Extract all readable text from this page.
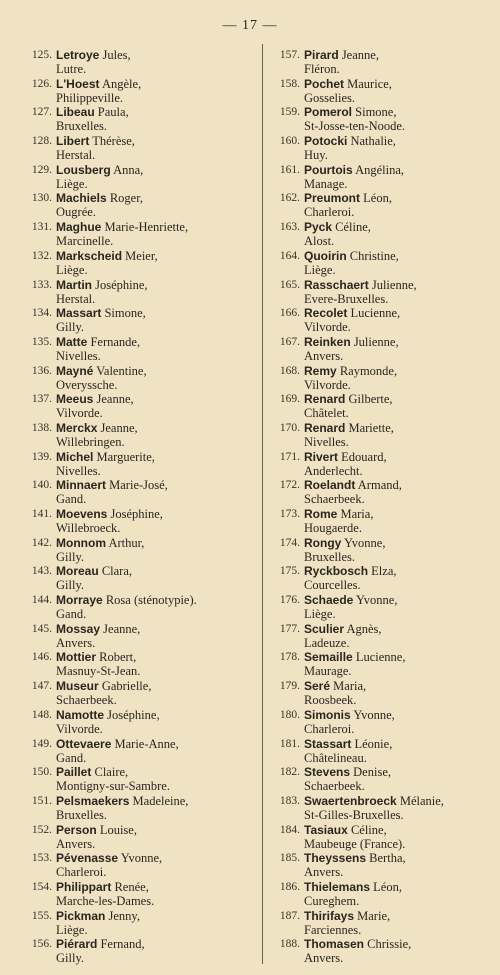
— 17 —
125. Letroye Jules,
Lutre.
126. L'Hoest Angèle,
Philippeville.
127. Libeau Paula,
Bruxelles.
128. Libert Thérèse,
Herstal.
129. Lousberg Anna,
Liège.
130. Machiels Roger,
Ougrée.
131. Maghue Marie-Henriette,
Marcinelle.
132. Markscheid Meier,
Liège.
133. Martin Joséphine,
Herstal.
134. Massart Simone,
Gilly.
135. Matte Fernande,
Nivelles.
136. Mayné Valentine,
Overyssche.
137. Meeus Jeanne,
Vilvorde.
138. Merckx Jeanne,
Willebringen.
139. Michel Marguerite,
Nivelles.
140. Minnaert Marie-José,
Gand.
141. Moevens Joséphine,
Willebroeck.
142. Monnom Arthur,
Gilly.
143. Moreau Clara,
Gilly.
144. Morraye Rosa (sténotypie).
Gand.
145. Mossay Jeanne,
Anvers.
146. Mottier Robert,
Masnuy-St-Jean.
147. Museur Gabrielle,
Schaerbeek.
148. Namotte Joséphine,
Vilvorde.
149. Ottevaere Marie-Anne,
Gand.
150. Paillet Claire,
Montigny-sur-Sambre.
151. Pelsmaekers Madeleine,
Bruxelles.
152. Person Louise,
Anvers.
153. Pévenasse Yvonne,
Charleroi.
154. Philippart Renée,
Marche-les-Dames.
155. Pickman Jenny,
Liège.
156. Piérard Fernand,
Gilly.
157. Pirard Jeanne,
Fléron.
158. Pochet Maurice,
Gosselies.
159. Pomerol Simone,
St-Josse-ten-Noode.
160. Potocki Nathalie,
Huy.
161. Pourtois Angélina,
Manage.
162. Preumont Léon,
Charleroi.
163. Pyck Céline,
Alost.
164. Quoirin Christine,
Liège.
165. Rasschaert Julienne,
Evere-Bruxelles.
166. Recolet Lucienne,
Vilvorde.
167. Reinken Julienne,
Anvers.
168. Remy Raymonde,
Vilvorde.
169. Renard Gilberte,
Châtelet.
170. Renard Mariette,
Nivelles.
171. Rivert Edouard,
Anderlecht.
172. Roelandt Armand,
Schaerbeek.
173. Rome Maria,
Hougaerde.
174. Rongy Yvonne,
Bruxelles.
175. Ryckbosch Elza,
Courcelles.
176. Schaede Yvonne,
Liège.
177. Sculier Agnès,
Ladeuze.
178. Semaille Lucienne,
Maurage.
179. Seré Maria,
Roosbeek.
180. Simonis Yvonne,
Charleroi.
181. Stassart Léonie,
Châtelineau.
182. Stevens Denise,
Schaerbeek.
183. Swaertenbroeck Mélanie,
St-Gilles-Bruxelles.
184. Tasiaux Céline,
Maubeuge (France).
185. Theyssens Bertha,
Anvers.
186. Thielemans Léon,
Cureghem.
187. Thirifays Marie,
Farciennes.
188. Thomasen Chrissie,
Anvers.
